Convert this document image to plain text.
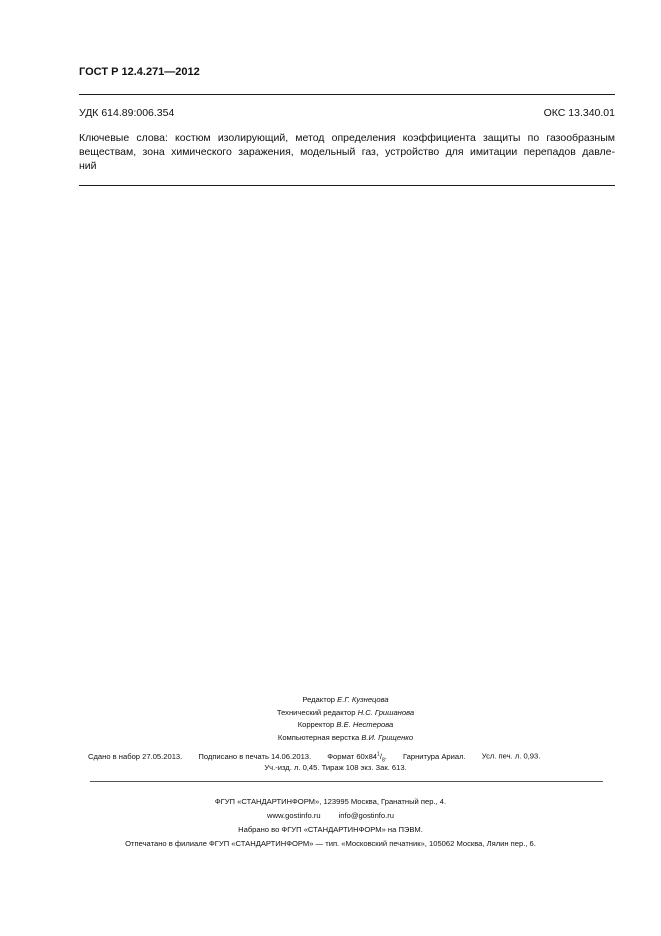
ГОСТ Р 12.4.271—2012
УДК 614.89:006.354	ОКС 13.340.01
Ключевые слова: костюм изолирующий, метод определения коэффициента защиты по газообразным
веществам, зона химического заражения, модельный газ, устройство для имитации перепадов давле-
ний
Редактор Е.Г. Кузнецова
Технический редактор Н.С. Гришанова
Корректор В.Е. Нестерова
Компьютерная верстка В.И. Грищенко
Сдано в набор 27.05.2013. Подписано в печать 14.06.2013. Формат $60х84^1/_8$. Гарнитура Ариал. Усл. печ. л. 0,93.
Уч.-изд. л. 0,45. Тираж 108 экз. Зак. 613.
ФГУП «СТАНДАРТИНФОРМ», 123995 Москва, Гранатный пер., 4.
www.gostinfo.ru info@gostinfo.ru
Набрано во ФГУП «СТАНДАРТИНФОРМ» на ПЭВМ.
Отпечатано в филиале ФГУП «СТАНДАРТИНФОРМ» — тип. «Московский печатник», 105062 Москва, Лялин пер., 6.
